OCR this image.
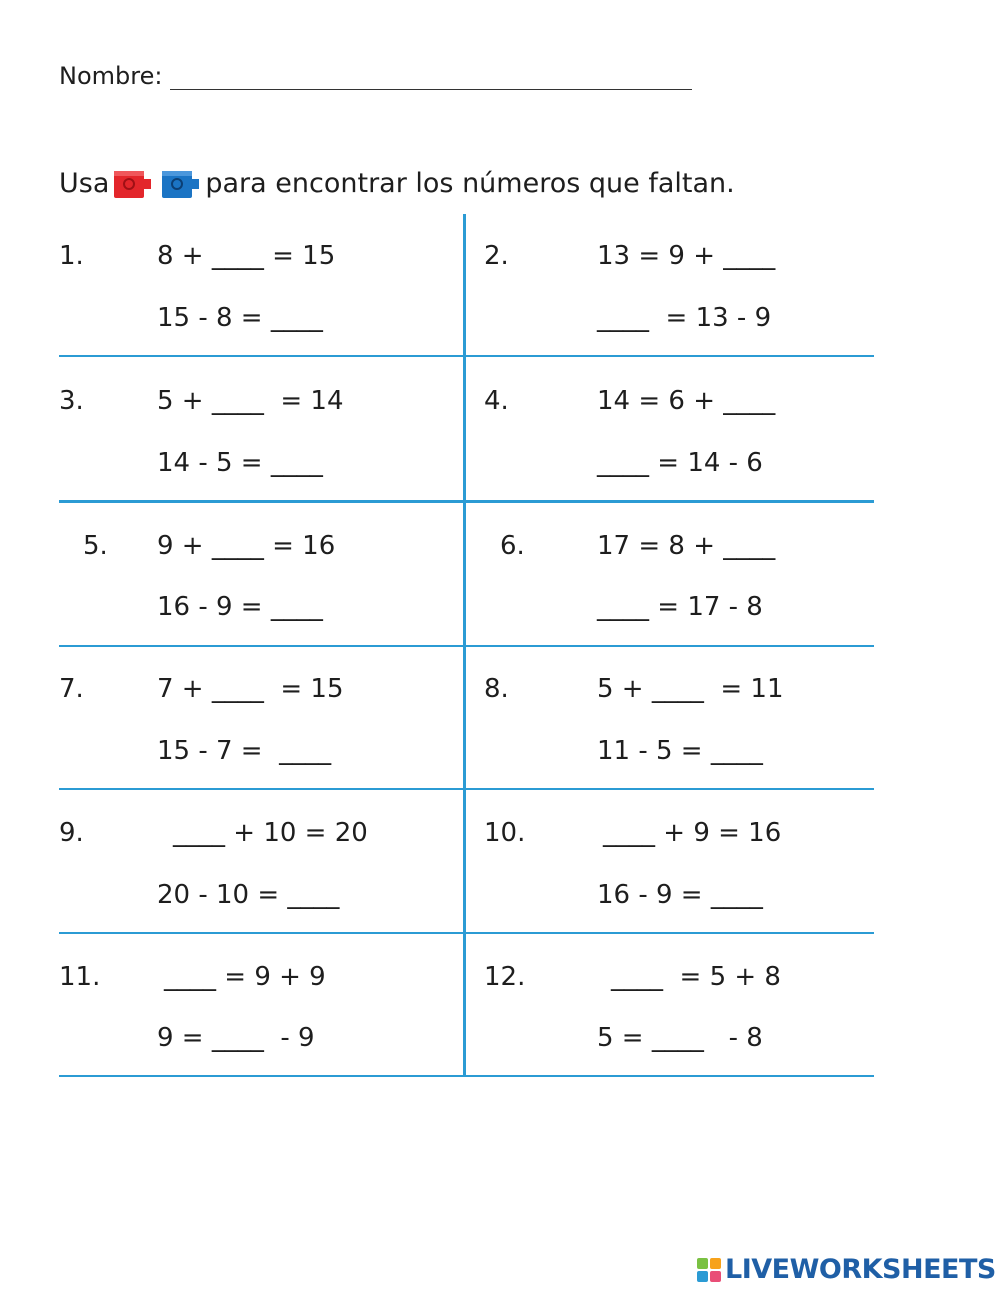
Nombre:
Usa	para encontrar los números que faltan.
1.	8 + ____ = 15
15 - 8 = ____
2.	13 = 9 + ____
____  = 13 - 9
3.	5 + ____  = 14
14 - 5 = ____
4.	14 = 6 + ____
____ = 14 - 6
5. 9 + ____ = 16
16 - 9 = ____
6.	17 = 8 + ____
____ = 17 - 8
7.	7 + ____  = 15
15 - 7 =  ____
8.	5 + ____  = 11
11 - 5 = ____
9.	____ + 10 = 20
20 - 10 = ____
10.	____ + 9 = 16
16 - 9 = ____
11. ____ = 9 + 9
9 = ____  - 9
12.	____  = 5 + 8
5 = ____   - 8
LIVEWORKSHEETS
